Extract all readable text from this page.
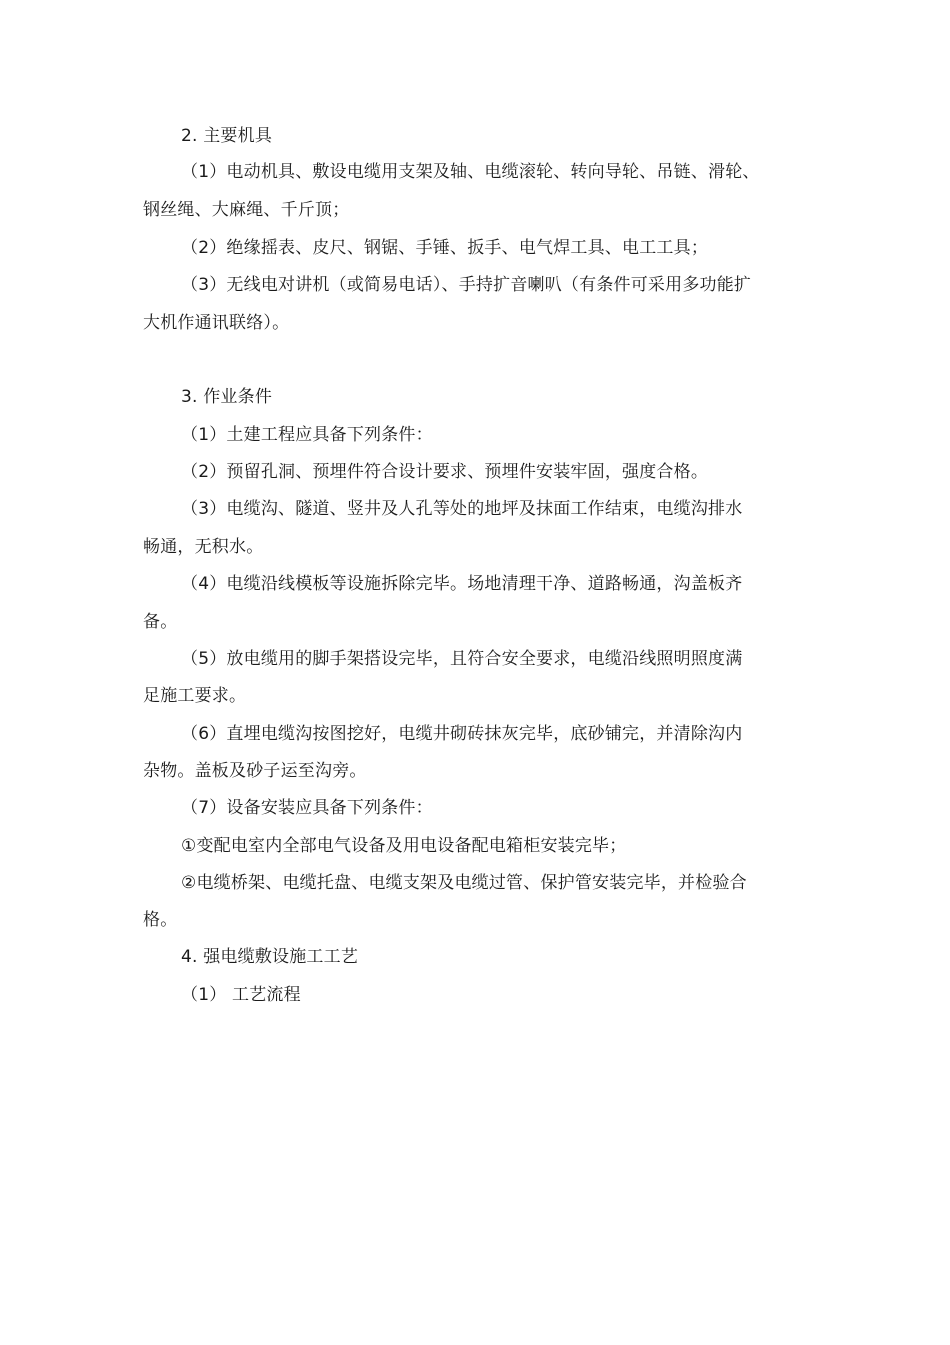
2. 主要机具
（1）电动机具、敷设电缆用支架及轴、电缆滚轮、转向导轮、吊链、滑轮、
钢丝绳、大麻绳、千斤顶；
（2）绝缘摇表、皮尺、钢锯、手锤、扳手、电气焊工具、电工工具；
（3）无线电对讲机（或简易电话）、手持扩音喇叭（有条件可采用多功能扩
大机作通讯联络）。
3. 作业条件
（1）土建工程应具备下列条件：
（2）预留孔洞、预埋件符合设计要求、预埋件安装牢固，强度合格。
（3）电缆沟、隧道、竖井及人孔等处的地坪及抹面工作结束，电缆沟排水
畅通，无积水。
（4）电缆沿线模板等设施拆除完毕。场地清理干净、道路畅通，沟盖板齐
备。
（5）放电缆用的脚手架搭设完毕，且符合安全要求，电缆沿线照明照度满
足施工要求。
（6）直埋电缆沟按图挖好，电缆井砌砖抹灰完毕，底砂铺完，并清除沟内
杂物。盖板及砂子运至沟旁。
（7）设备安装应具备下列条件：
①变配电室内全部电气设备及用电设备配电箱柜安装完毕；
②电缆桥架、电缆托盘、电缆支架及电缆过管、保护管安装完毕，并检验合
格。
4. 强电缆敷设施工工艺
（1） 工艺流程
